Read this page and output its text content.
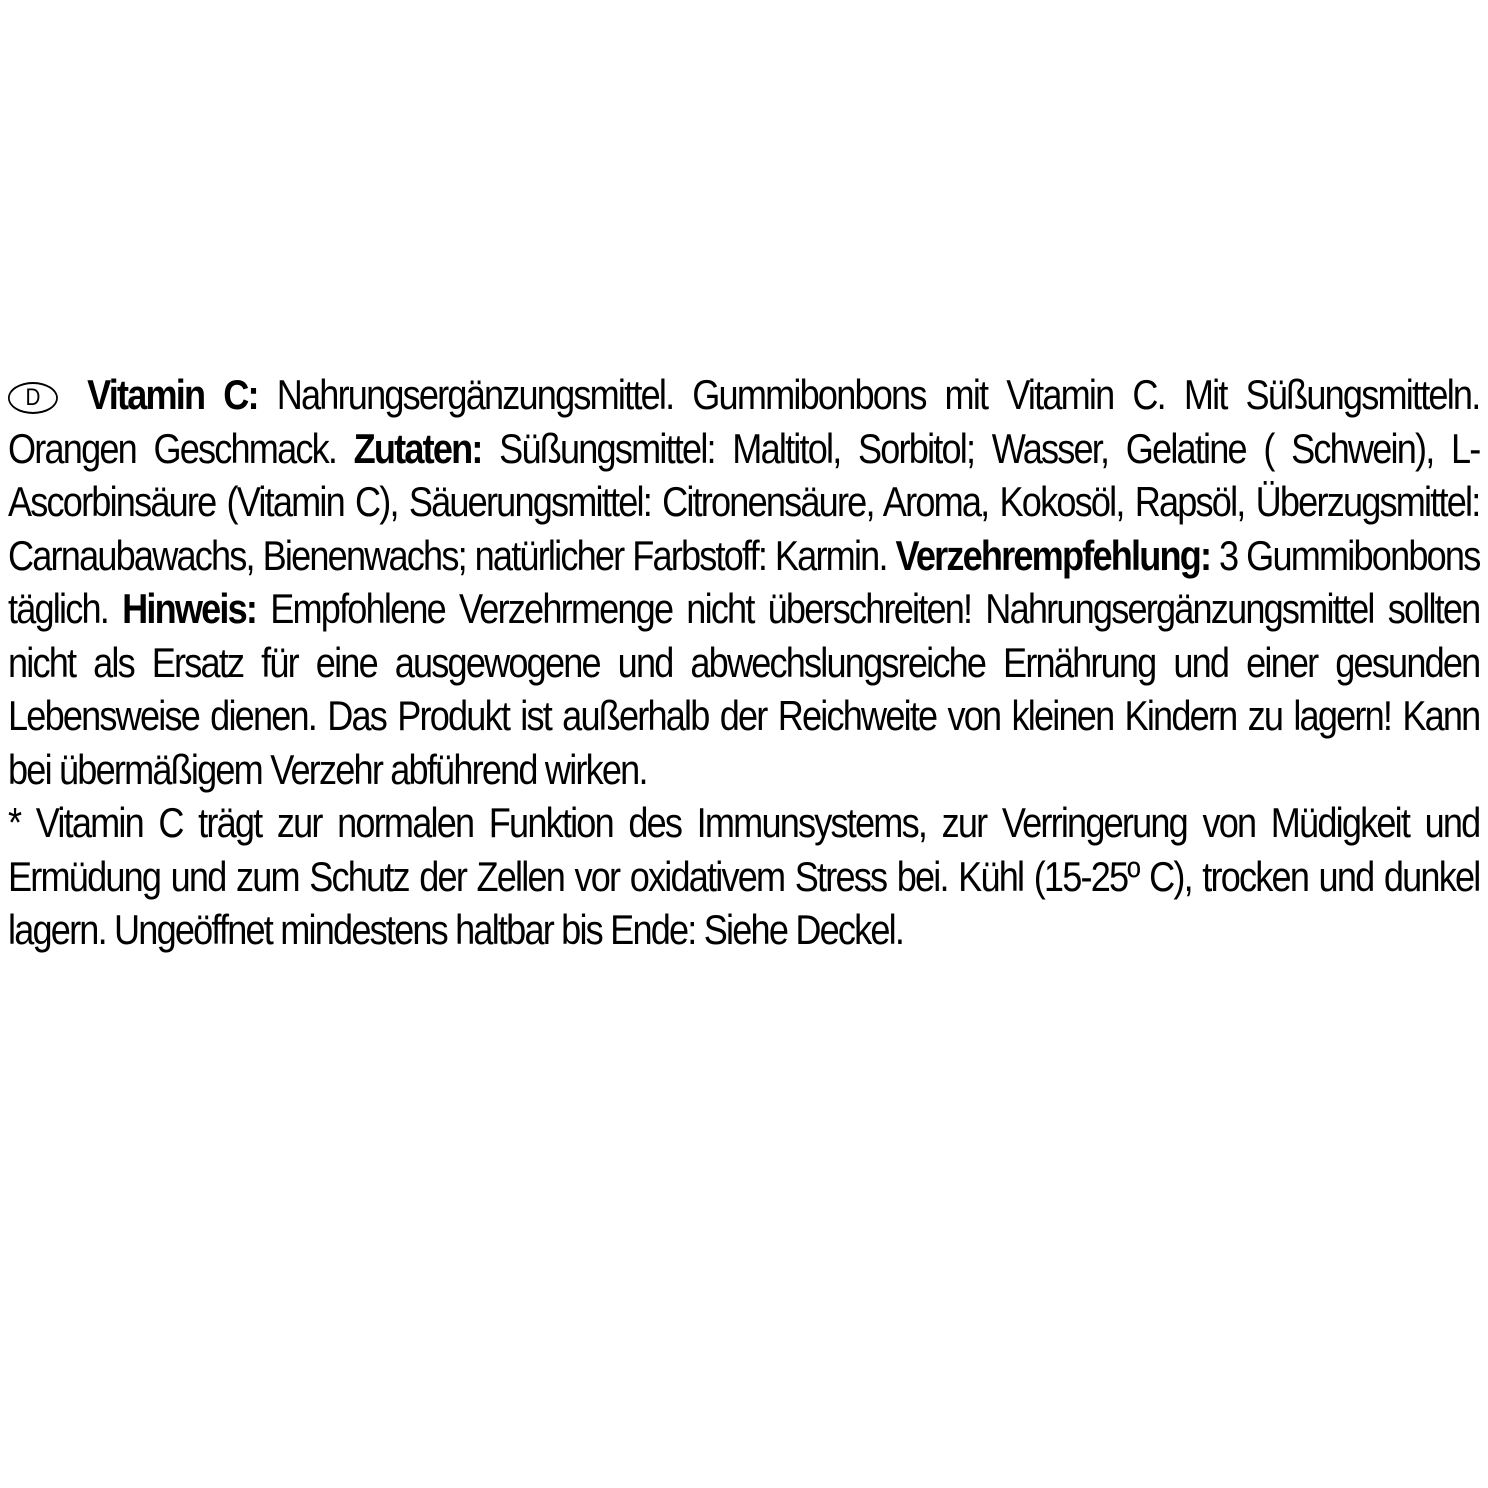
D Vitamin C: Nahrungsergänzungsmittel. Gummibonbons mit Vitamin C. Mit Süßungsmitteln. Orangen Geschmack. Zutaten: Süßungsmittel: Maltitol, Sorbitol; Wasser, Gelatine ( Schwein), L-Ascorbinsäure (Vitamin C), Säuerungsmittel: Citronensäure, Aroma, Kokosöl, Rapsöl, Überzugsmittel: Carnaubawachs, Bienenwachs; natürlicher Farbstoff: Karmin. Verzehrempfehlung: 3 Gummibonbons täglich. Hinweis: Empfohlene Verzehrmenge nicht überschreiten! Nahrungsergänzungsmittel sollten nicht als Ersatz für eine ausgewogene und abwechslungsreiche Ernährung und einer gesunden Lebensweise dienen. Das Produkt ist außerhalb der Reichweite von kleinen Kindern zu lagern! Kann bei übermäßigem Verzehr abführend wirken.

* Vitamin C trägt zur normalen Funktion des Immunsystems, zur Verringerung von Müdigkeit und Ermüdung und zum Schutz der Zellen vor oxidativem Stress bei. Kühl (15-25º C), trocken und dunkel lagern. Ungeöffnet mindestens haltbar bis Ende: Siehe Deckel.
